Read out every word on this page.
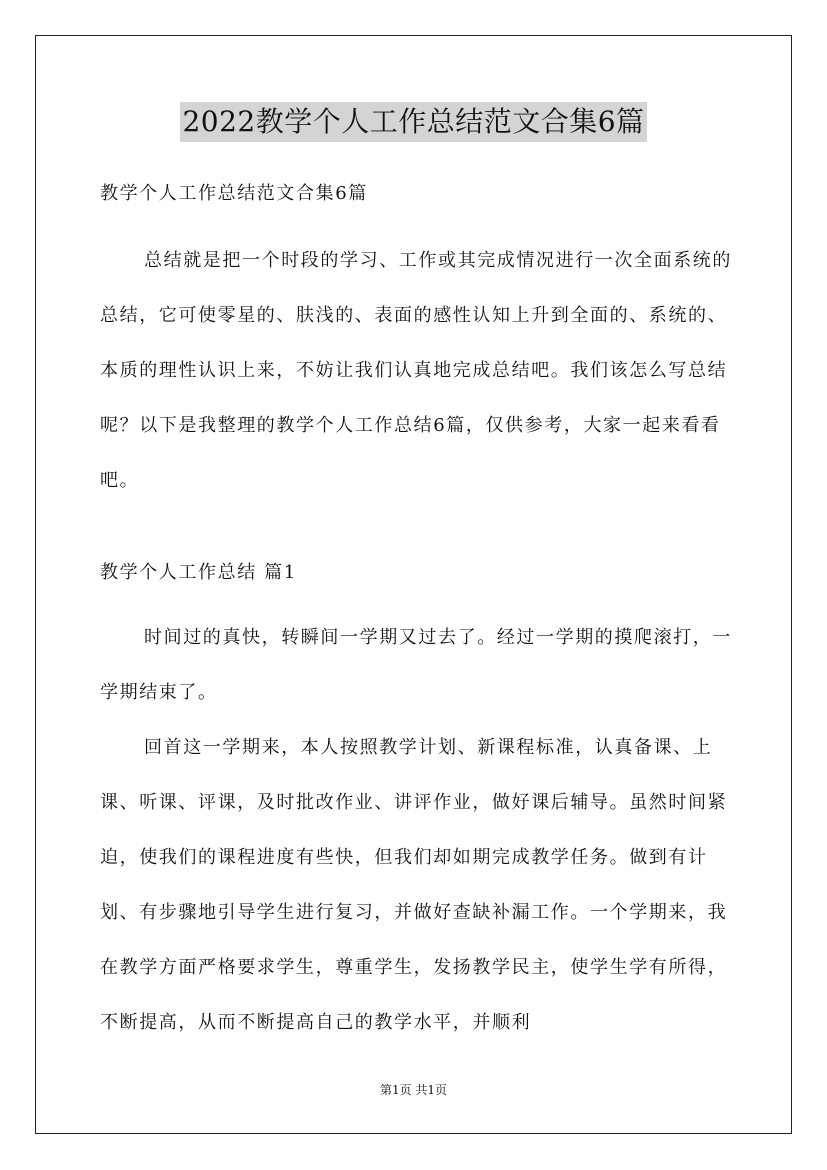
2022教学个人工作总结范文合集6篇

教学个人工作总结范文合集6篇

总结就是把一个时段的学习、工作或其完成情况进行一次全面系统的总结，它可使零星的、肤浅的、表面的感性认知上升到全面的、系统的、本质的理性认识上来，不妨让我们认真地完成总结吧。我们该怎么写总结呢？以下是我整理的教学个人工作总结6篇，仅供参考，大家一起来看看吧。

教学个人工作总结 篇1

时间过的真快，转瞬间一学期又过去了。经过一学期的摸爬滚打，一学期结束了。

回首这一学期来，本人按照教学计划、新课程标准，认真备课、上课、听课、评课，及时批改作业、讲评作业，做好课后辅导。虽然时间紧迫，使我们的课程进度有些快，但我们却如期完成教学任务。做到有计划、有步骤地引导学生进行复习，并做好查缺补漏工作。一个学期来，我在教学方面严格要求学生，尊重学生，发扬教学民主，使学生学有所得，不断提高，从而不断提高自己的教学水平，并顺利

第1页 共1页
